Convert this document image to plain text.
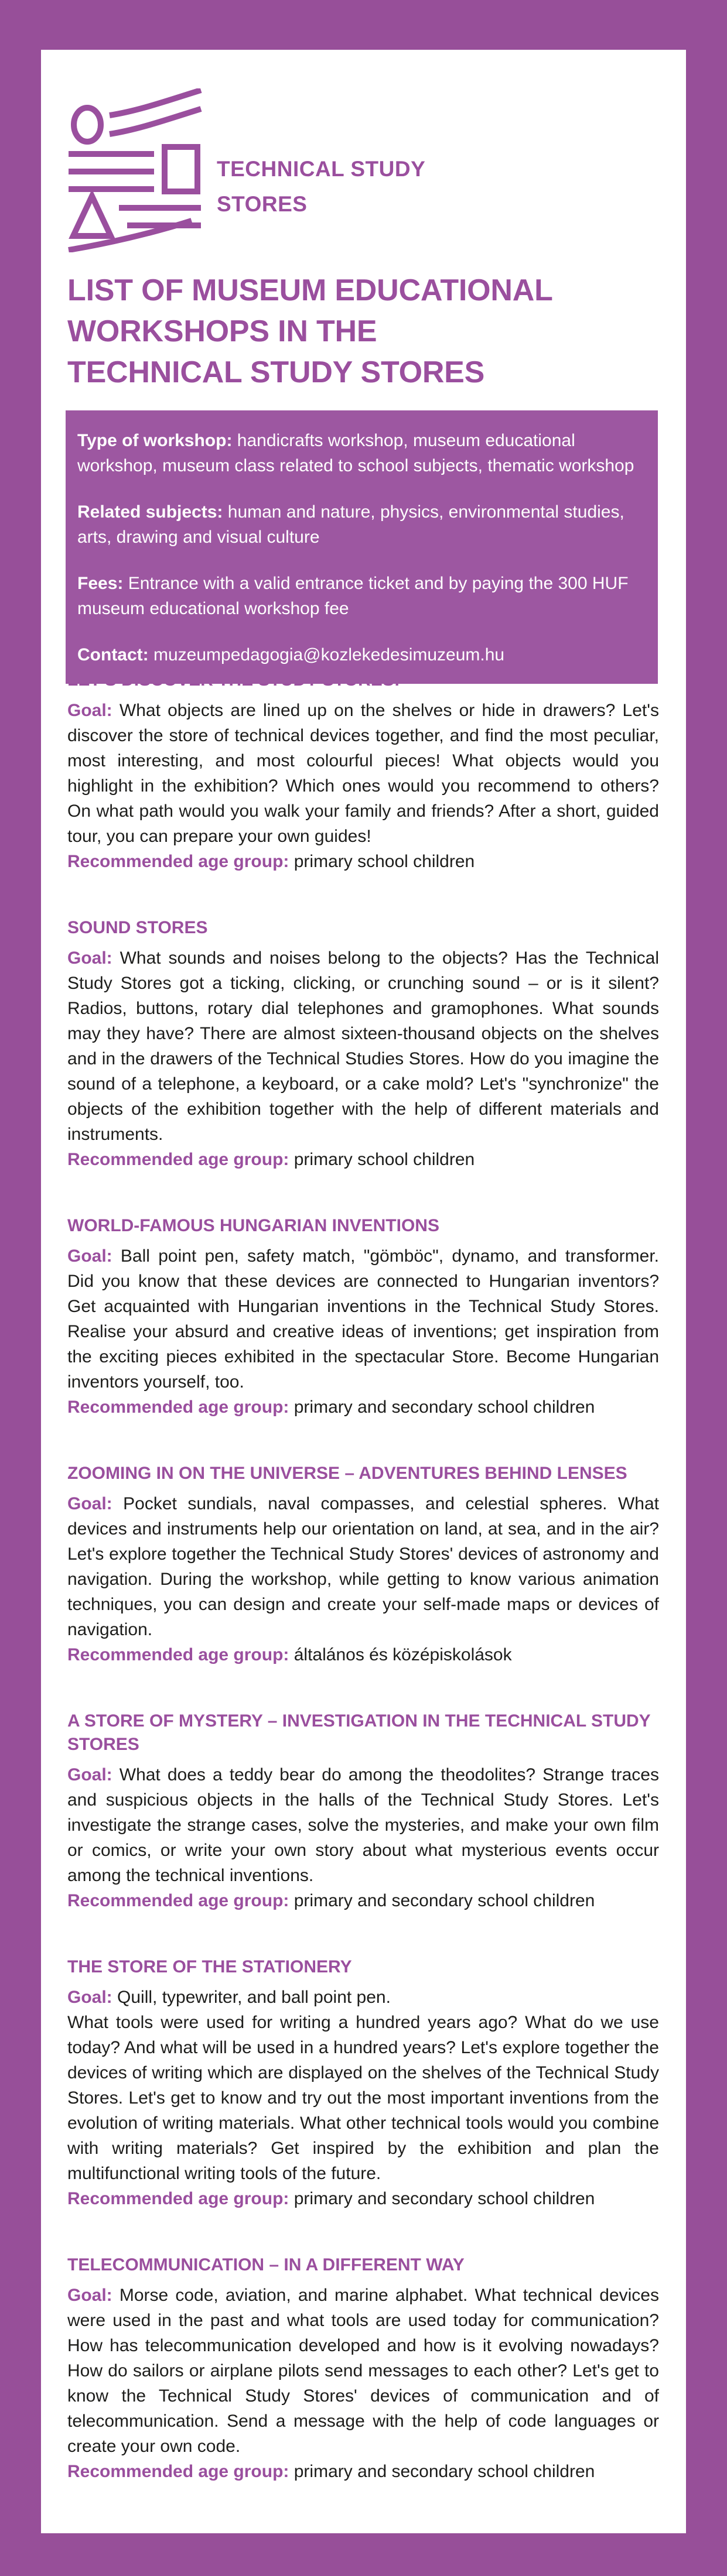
TECHNICAL STUDY
STORES
LIST OF MUSEUM EDUCATIONAL
WORKSHOPS IN THE
TECHNICAL STUDY STORES

Type of workshop: handicrafts workshop, museum educational workshop, museum class related to school subjects, thematic workshop

Related subjects: human and nature, physics, environmental studies, arts, drawing and visual culture

Fees: Entrance with a valid entrance ticket and by paying the 300 HUF museum educational workshop fee

Contact: muzeumpedagogia@kozlekedesimuzeum.hu

Goal: What objects are lined up on the shelves or hide in drawers? Let's discover the store of technical devices together, and find the most peculiar, most interesting, and most colourful pieces! What objects would you highlight in the exhibition? Which ones would you recommend to others? On what path would you walk your family and friends? After a short, guided tour, you can prepare your own guides!

Recommended age group: primary school children

SOUND STORES

Goal: What sounds and noises belong to the objects? Has the Technical Study Stores got a ticking, clicking, or crunching sound – or is it silent? Radios, buttons, rotary dial telephones and gramophones. What sounds may they have? There are almost sixteen-thousand objects on the shelves and in the drawers of the Technical Studies Stores. How do you imagine the sound of a telephone, a keyboard, or a cake mold? Let's "synchronize" the objects of the exhibition together with the help of different materials and instruments.

Recommended age group: primary school children

WORLD-FAMOUS HUNGARIAN INVENTIONS

Goal: Ball point pen, safety match, "gömböc", dynamo, and transformer. Did you know that these devices are connected to Hungarian inventors? Get acquainted with Hungarian inventions in the Technical Study Stores. Realise your absurd and creative ideas of inventions; get inspiration from the exciting pieces exhibited in the spectacular Store. Become Hungarian inventors yourself, too.

Recommended age group: primary and secondary school children

ZOOMING IN ON THE UNIVERSE – ADVENTURES BEHIND LENSES

Goal: Pocket sundials, naval compasses, and celestial spheres. What devices and instruments help our orientation on land, at sea, and in the air? Let's explore together the Technical Study Stores' devices of astronomy and navigation. During the workshop, while getting to know various animation techniques, you can design and create your self-made maps or devices of navigation.

Recommended age group: általános és középiskolások

A STORE OF MYSTERY – INVESTIGATION IN THE TECHNICAL STUDY STORES

Goal: What does a teddy bear do among the theodolites? Strange traces and suspicious objects in the halls of the Technical Study Stores. Let's investigate the strange cases, solve the mysteries, and make your own film or comics, or write your own story about what mysterious events occur among the technical inventions.

Recommended age group: primary and secondary school children

THE STORE OF THE STATIONERY

Goal: Quill, typewriter, and ball point pen.

What tools were used for writing a hundred years ago? What do we use today? And what will be used in a hundred years? Let's explore together the devices of writing which are displayed on the shelves of the Technical Study Stores. Let's get to know and try out the most important inventions from the evolution of writing materials. What other technical tools would you combine with writing materials? Get inspired by the exhibition and plan the multifunctional writing tools of the future.

Recommended age group: primary and secondary school children

TELECOMMUNICATION – IN A DIFFERENT WAY

Goal: Morse code, aviation, and marine alphabet. What technical devices were used in the past and what tools are used today for communication? How has telecommunication developed and how is it evolving nowadays? How do sailors or airplane pilots send messages to each other? Let's get to know the Technical Study Stores' devices of communication and of telecommunication. Send a message with the help of code languages or create your own code.

Recommended age group: primary and secondary school children
